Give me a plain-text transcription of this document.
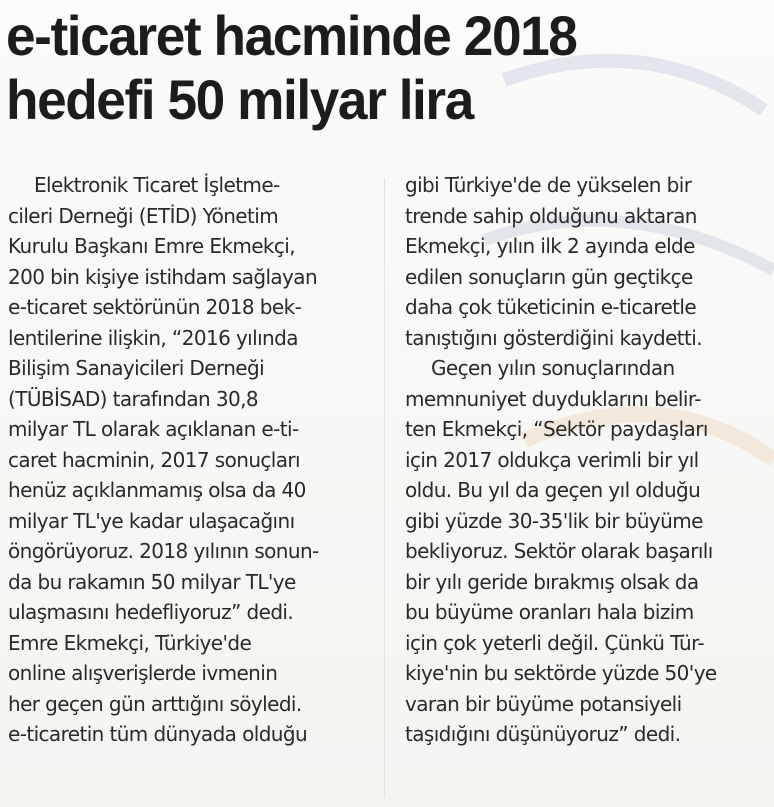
e-ticaret hacminde 2018
hedefi 50 milyar lira
Elektronik Ticaret İşletme-
cileri Derneği (ETİD) Yönetim
Kurulu Başkanı Emre Ekmekçi,
200 bin kişiye istihdam sağlayan
e-ticaret sektörünün 2018 bek-
lentilerine ilişkin, “2016 yılında
Bilişim Sanayicileri Derneği
(TÜBİSAD) tarafından 30,8
milyar TL olarak açıklanan e-ti-
caret hacminin, 2017 sonuçları
henüz açıklanmamış olsa da 40
milyar TL'ye kadar ulaşacağını
öngörüyoruz. 2018 yılının sonun-
da bu rakamın 50 milyar TL'ye
ulaşmasını hedefliyoruz” dedi.
Emre Ekmekçi, Türkiye'de
online alışverişlerde ivmenin
her geçen gün arttığını söyledi.
e-ticaretin tüm dünyada olduğu
gibi Türkiye'de de yükselen bir
trende sahip olduğunu aktaran
Ekmekçi, yılın ilk 2 ayında elde
edilen sonuçların gün geçtikçe
daha çok tüketicinin e-ticaretle
tanıştığını gösterdiğini kaydetti.
Geçen yılın sonuçlarından
memnuniyet duyduklarını belir-
ten Ekmekçi, “Sektör paydaşları
için 2017 oldukça verimli bir yıl
oldu. Bu yıl da geçen yıl olduğu
gibi yüzde 30-35'lik bir büyüme
bekliyoruz. Sektör olarak başarılı
bir yılı geride bırakmış olsak da
bu büyüme oranları hala bizim
için çok yeterli değil. Çünkü Tür-
kiye'nin bu sektörde yüzde 50'ye
varan bir büyüme potansiyeli
taşıdığını düşünüyoruz” dedi.
